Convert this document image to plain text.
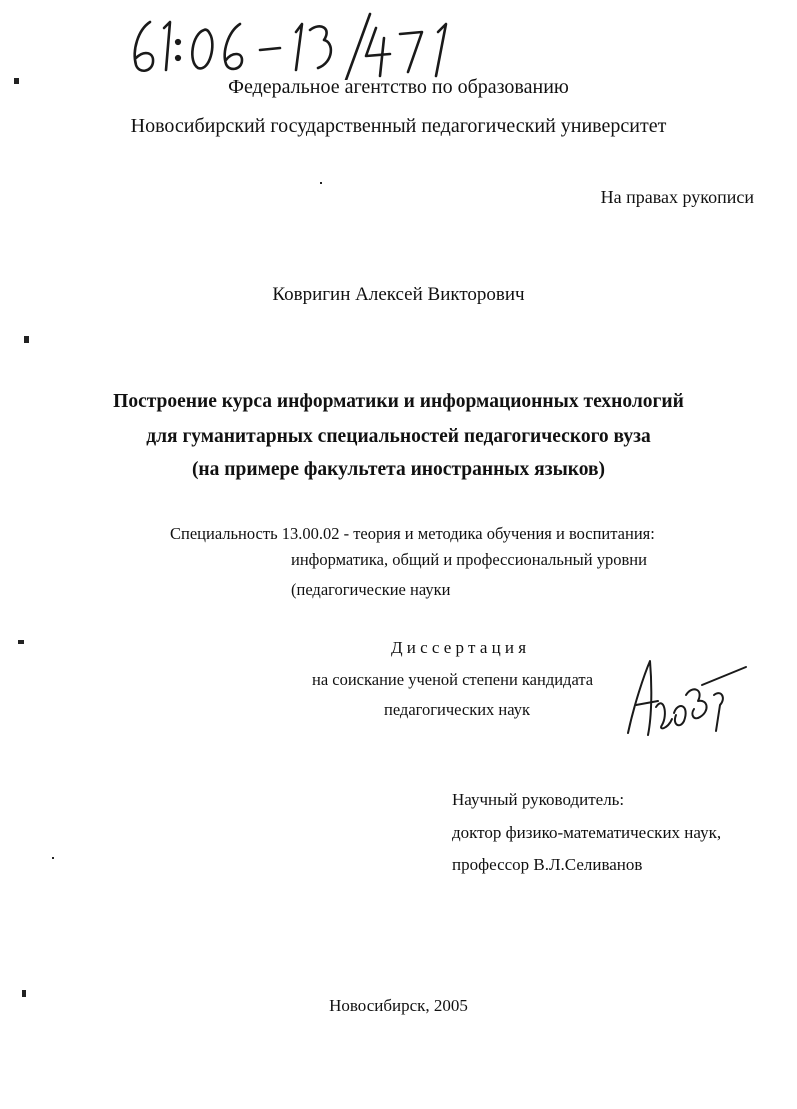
Федеральное агентство по образованию
Новосибирский государственный педагогический университет
На правах рукописи
Ковригин Алексей Викторович
Построение курса информатики и информационных технологий
для гуманитарных специальностей педагогического вуза
(на примере факультета иностранных языков)
Специальность 13.00.02 - теория и методика обучения и воспитания:
информатика, общий и профессиональный уровни
(педагогические науки
Диссертация
на соискание ученой степени кандидата
педагогических наук
Научный руководитель:
доктор физико-математических наук,
профессор В.Л.Селиванов
Новосибирск, 2005
